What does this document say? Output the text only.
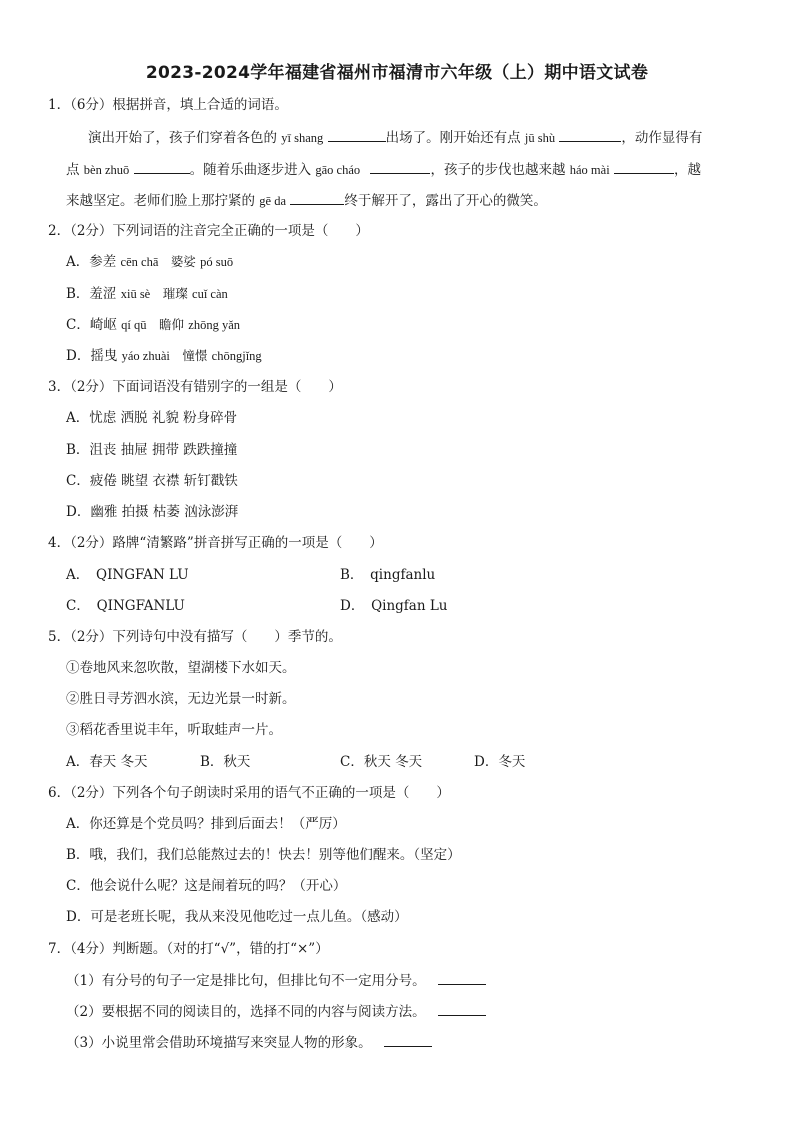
2023-2024学年福建省福州市福清市六年级（上）期中语文试卷
1．（6分）根据拼音，填上合适的词语。
演出开始了，孩子们穿着各色的 yī shang	出场了。刚开始还有点 jū shù	，动作显得有
点 bèn zhuō	。随着乐曲逐步进入 gāo cháo	，孩子的步伐也越来越 háo mài	，越
来越坚定。老师们脸上那拧紧的 gē da	终于解开了，露出了开心的微笑。
2．（2分）下列词语的注音完全正确的一项是（　　）
A．参差 cēn chā　婆娑 pó suō
B．羞涩 xiū sè　璀璨 cuǐ càn
C．崎岖 qí qū　瞻仰 zhōng yǎn
D．摇曳 yáo zhuài　憧憬 chōngjǐng
3．（2分）下面词语没有错别字的一组是（　　）
A．忧虑 洒脱 礼貌 粉身碎骨
B．沮丧 抽屉 拥带 跌跌撞撞
C．疲倦 眺望 衣襟 斩钉戳铁
D．幽雅 拍摄 枯萎 汹泳澎湃
4．（2分）路牌“清繁路”拼音拼写正确的一项是（　　）
A．　QINGFAN LU	B．　qingfanlu
C．　QINGFANLU	D．　Qingfan Lu
5．（2分）下列诗句中没有描写（　　）季节的。
①卷地风来忽吹散，望湖楼下水如天。
②胜日寻芳泗水滨，无边光景一时新。
③稻花香里说丰年，听取蛙声一片。
A．春天 冬天	B．秋天	C．秋天 冬天	D．冬天
6．（2分）下列各个句子朗读时采用的语气不正确的一项是（　　）
A．你还算是个党员吗？排到后面去！（严厉）
B．哦，我们，我们总能熬过去的！快去！别等他们醒来。（坚定）
C．他会说什么呢？这是闹着玩的吗？（开心）
D．可是老班长呢，我从来没见他吃过一点儿鱼。（感动）
7．（4分）判断题。（对的打“√”，错的打“×”）
（1）有分号的句子一定是排比句，但排比句不一定用分号。
（2）要根据不同的阅读目的，选择不同的内容与阅读方法。
（3）小说里常会借助环境描写来突显人物的形象。
